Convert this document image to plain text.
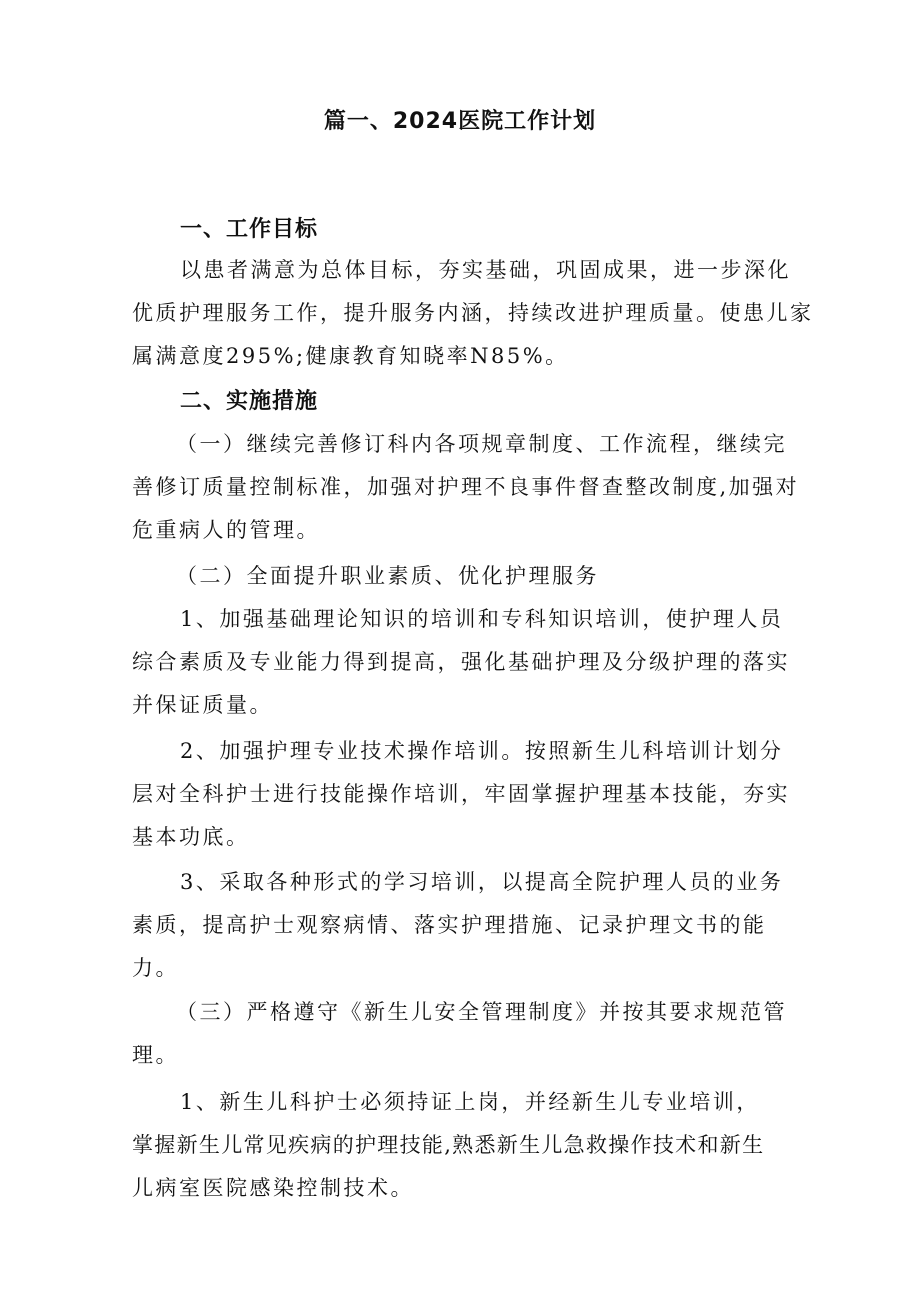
篇一、2024医院工作计划
一、工作目标
以患者满意为总体目标，夯实基础，巩固成果，进一步深化
优质护理服务工作，提升服务内涵，持续改进护理质量。使患儿家
属满意度295%;健康教育知晓率N85%。
二、实施措施
（一）继续完善修订科内各项规章制度、工作流程，继续完
善修订质量控制标准，加强对护理不良事件督查整改制度,加强对
危重病人的管理。
（二）全面提升职业素质、优化护理服务
1、加强基础理论知识的培训和专科知识培训，使护理人员
综合素质及专业能力得到提高，强化基础护理及分级护理的落实
并保证质量。
2、加强护理专业技术操作培训。按照新生儿科培训计划分
层对全科护士进行技能操作培训，牢固掌握护理基本技能，夯实
基本功底。
3、采取各种形式的学习培训，以提高全院护理人员的业务
素质，提高护士观察病情、落实护理措施、记录护理文书的能
力。
（三）严格遵守《新生儿安全管理制度》并按其要求规范管
理。
1、新生儿科护士必须持证上岗，并经新生儿专业培训，
掌握新生儿常见疾病的护理技能,熟悉新生儿急救操作技术和新生
儿病室医院感染控制技术。
